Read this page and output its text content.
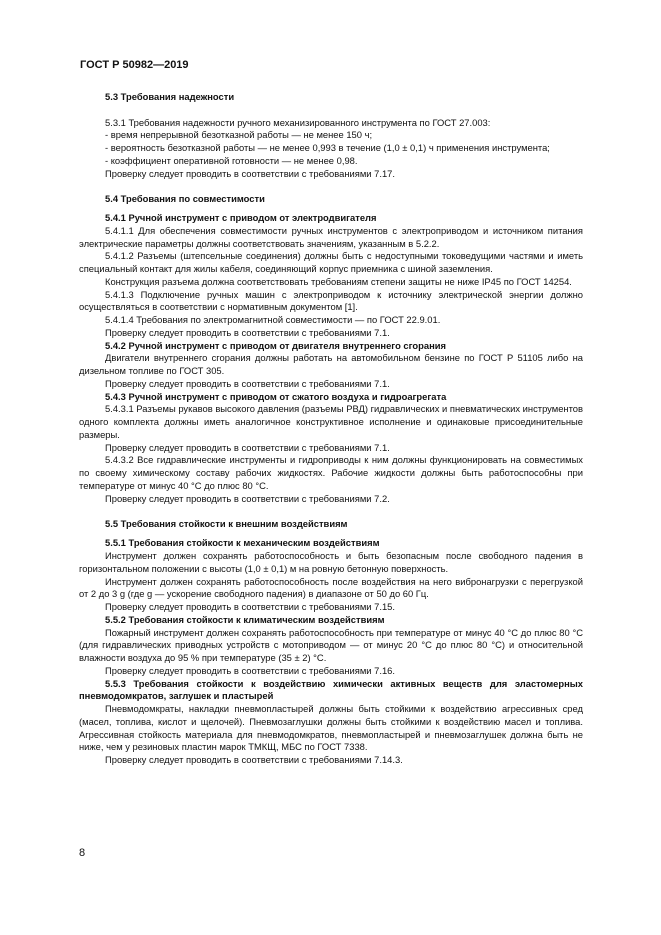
ГОСТ Р 50982—2019

5.3 Требования надежности

5.3.1 Требования надежности ручного механизированного инструмента по ГОСТ 27.003:

- время непрерывной безотказной работы — не менее 150 ч;

- вероятность безотказной работы — не менее 0,993 в течение (1,0 ± 0,1) ч применения инструмента;

- коэффициент оперативной готовности — не менее 0,98.

Проверку следует проводить в соответствии с требованиями 7.17.

5.4 Требования по совместимости

5.4.1 Ручной инструмент с приводом от электродвигателя

5.4.1.1 Для обеспечения совместимости ручных инструментов с электроприводом и источником питания электрические параметры должны соответствовать значениям, указанным в 5.2.2.

5.4.1.2 Разъемы (штепсельные соединения) должны быть с недоступными токоведущими частями и иметь специальный контакт для жилы кабеля, соединяющий корпус приемника с шиной заземления.

Конструкция разъема должна соответствовать требованиям степени защиты не ниже IP45 по ГОСТ 14254.

5.4.1.3 Подключение ручных машин с электроприводом к источнику электрической энергии должно осуществляться в соответствии с нормативным документом [1].

5.4.1.4 Требования по электромагнитной совместимости — по ГОСТ 22.9.01.

Проверку следует проводить в соответствии с требованиями 7.1.

5.4.2 Ручной инструмент с приводом от двигателя внутреннего сгорания

Двигатели внутреннего сгорания должны работать на автомобильном бензине по ГОСТ Р 51105 либо на дизельном топливе по ГОСТ 305.

Проверку следует проводить в соответствии с требованиями 7.1.

5.4.3 Ручной инструмент с приводом от сжатого воздуха и гидроагрегата

5.4.3.1 Разъемы рукавов высокого давления (разъемы РВД) гидравлических и пневматических инструментов одного комплекта должны иметь аналогичное конструктивное исполнение и одинаковые присоединительные размеры.

Проверку следует проводить в соответствии с требованиями 7.1.

5.4.3.2 Все гидравлические инструменты и гидроприводы к ним должны функционировать на совместимых по своему химическому составу рабочих жидкостях. Рабочие жидкости должны быть работоспособны при температуре от минус 40 °С до плюс 80 °С.

Проверку следует проводить в соответствии с требованиями 7.2.

5.5 Требования стойкости к внешним воздействиям

5.5.1 Требования стойкости к механическим воздействиям

Инструмент должен сохранять работоспособность и быть безопасным после свободного падения в горизонтальном положении с высоты (1,0 ± 0,1) м на ровную бетонную поверхность.

Инструмент должен сохранять работоспособность после воздействия на него вибронагрузки с перегрузкой от 2 до 3 g (где g — ускорение свободного падения) в диапазоне от 50 до 60 Гц.

Проверку следует проводить в соответствии с требованиями 7.15.

5.5.2 Требования стойкости к климатическим воздействиям

Пожарный инструмент должен сохранять работоспособность при температуре от минус 40 °С до плюс 80 °С (для гидравлических приводных устройств с мотоприводом — от минус 20 °С до плюс 80 °С) и относительной влажности воздуха до 95 % при температуре (35 ± 2) °С.

Проверку следует проводить в соответствии с требованиями 7.16.

5.5.3 Требования стойкости к воздействию химически активных веществ для эластомерных пневмодомкратов, заглушек и пластырей

Пневмодомкраты, накладки пневмопластырей должны быть стойкими к воздействию агрессивных сред (масел, топлива, кислот и щелочей). Пневмозаглушки должны быть стойкими к воздействию масел и топлива. Агрессивная стойкость материала для пневмодомкратов, пневмопластырей и пневмозаглушек должна быть не ниже, чем у резиновых пластин марок ТМКЩ, МБС по ГОСТ 7338.

Проверку следует проводить в соответствии с требованиями 7.14.3.

8
